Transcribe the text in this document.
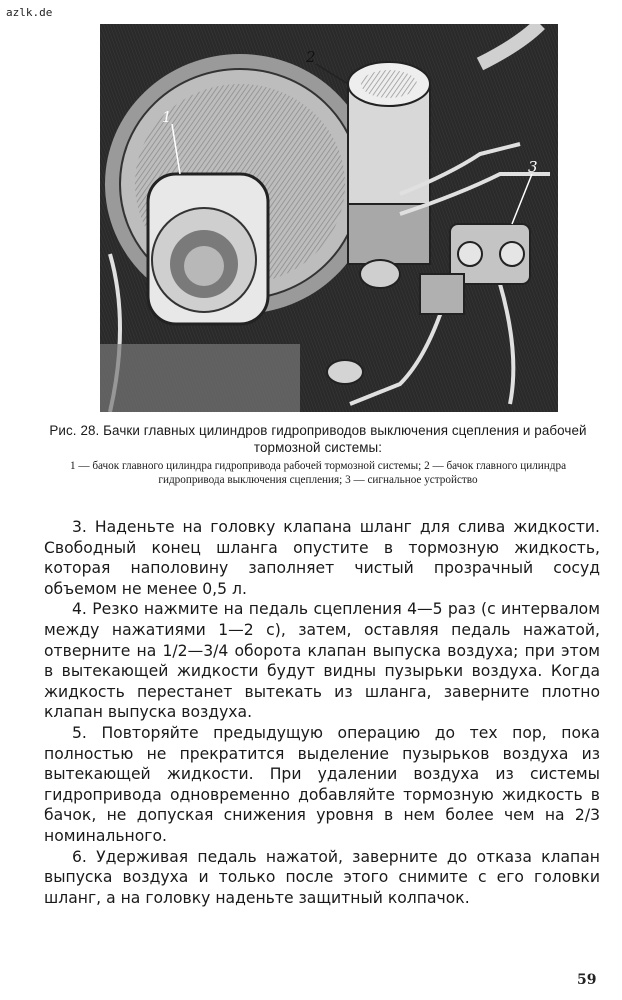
azlk.de
1
2
3

Рис. 28. Бачки главных цилиндров гидроприводов выключения сцепления и рабочей тормозной системы:

1 — бачок главного цилиндра гидропривода рабочей тормозной системы; 2 — бачок главного цилиндра гидропривода выключения сцепления; 3 — сигнальное устройство

3. Наденьте на головку клапана шланг для слива жидкости. Свободный конец шланга опустите в тормозную жидкость, которая наполовину заполняет чистый прозрачный сосуд объемом не менее 0,5 л.

4. Резко нажмите на педаль сцепления 4—5 раз (с интервалом между нажатиями 1—2 с), затем, оставляя педаль нажатой, отверните на 1/2—3/4 оборота клапан выпуска воздуха; при этом в вытекающей жидкости будут видны пузырьки воздуха. Когда жидкость перестанет вытекать из шланга, заверните плотно клапан выпуска воздуха.

5. Повторяйте предыдущую операцию до тех пор, пока полностью не прекратится выделение пузырьков воздуха из вытекающей жидкости. При удалении воздуха из системы гидропривода одновременно добавляйте тормозную жидкость в бачок, не допуская снижения уровня в нем более чем на 2/3 номинального.

6. Удерживая педаль нажатой, заверните до отказа клапан выпуска воздуха и только после этого снимите с его головки шланг, а на головку наденьте защитный колпачок.

59
